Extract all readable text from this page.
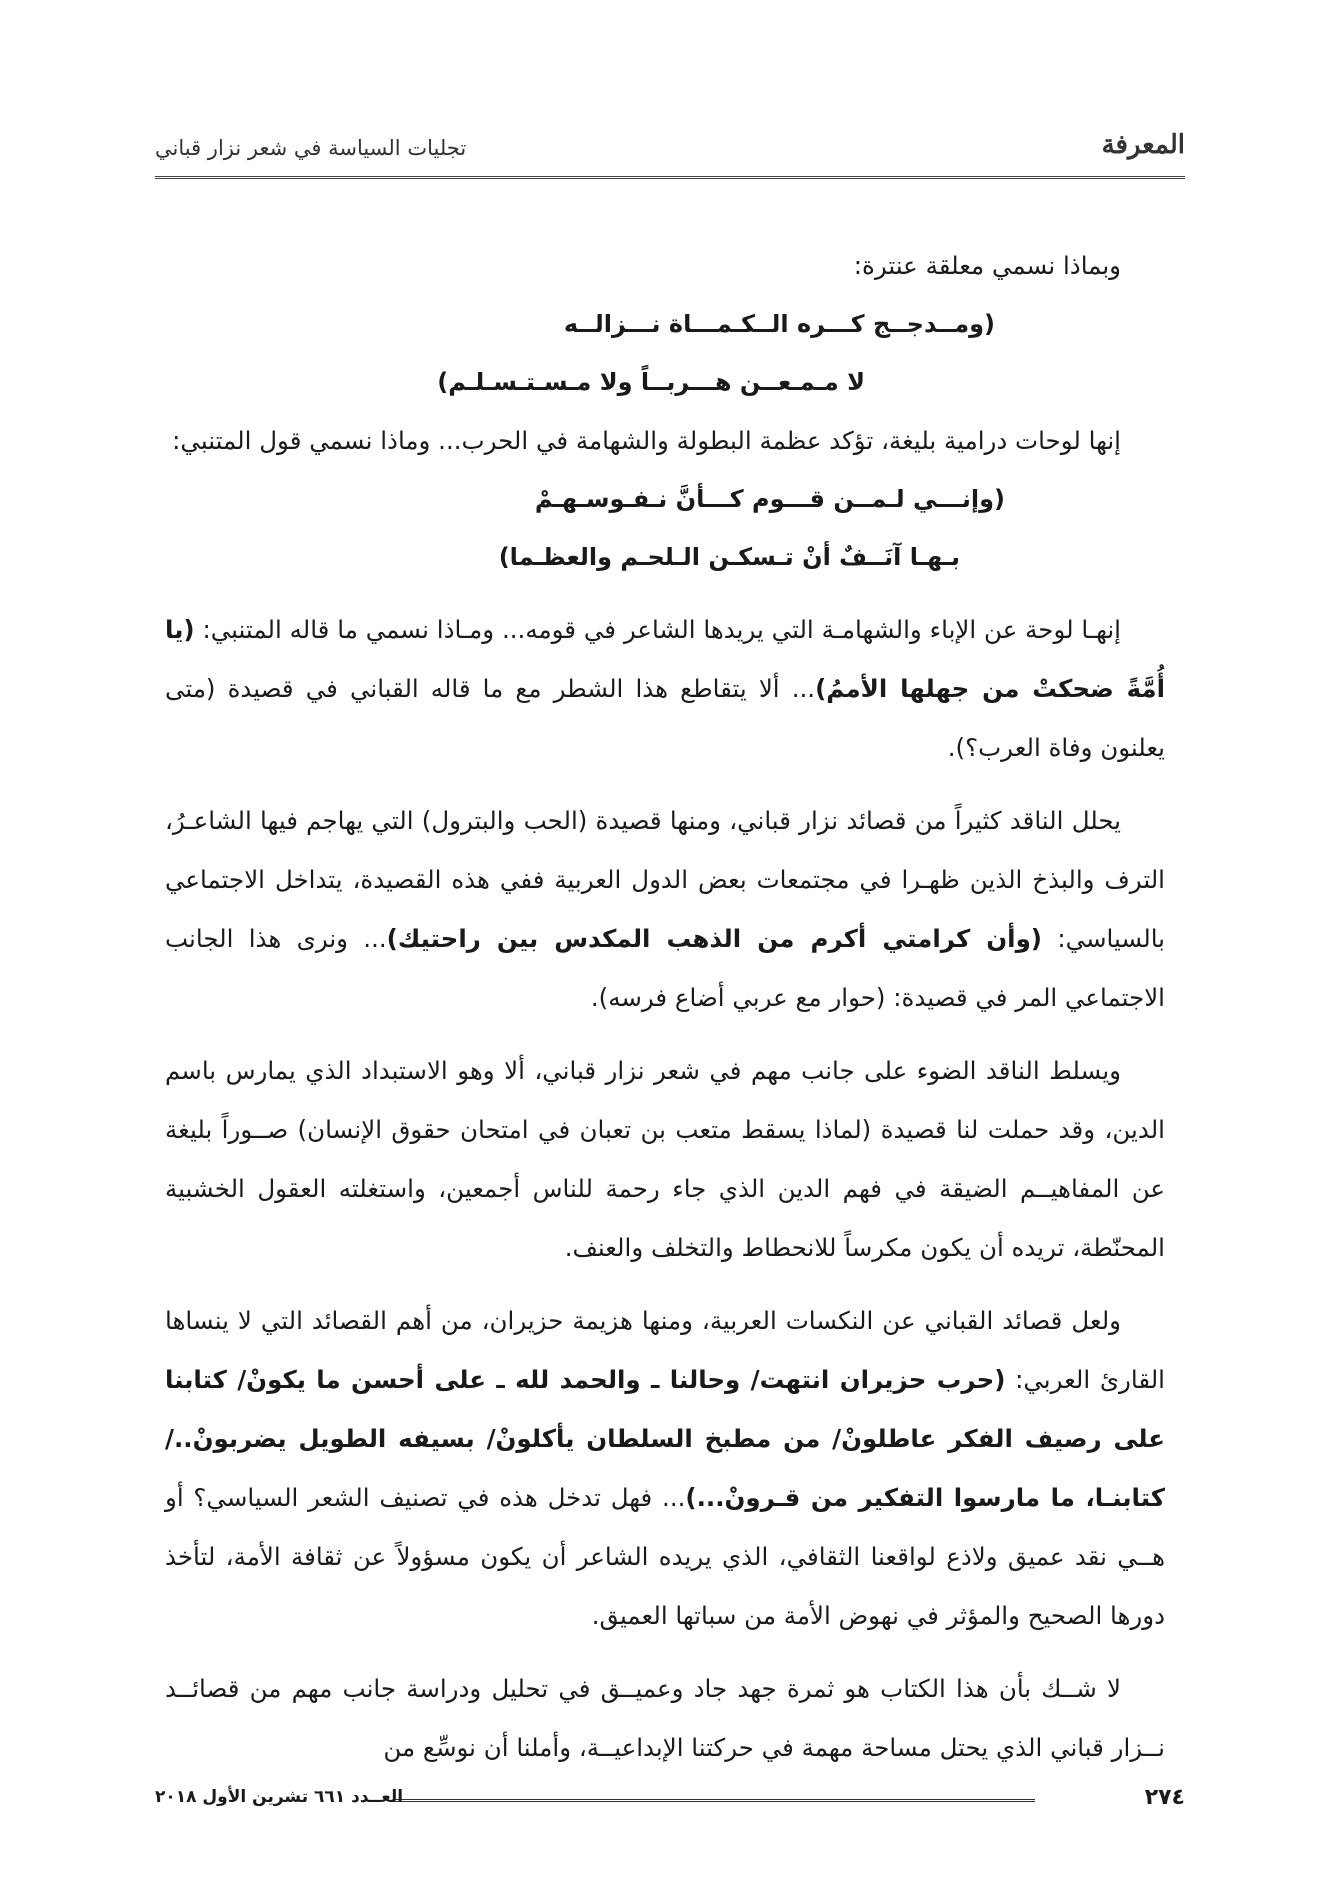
المعرفة
تجليات السياسة في شعر نزار قباني

وبماذا نسمي معلقة عنترة:

(ومــدجــج كـــره الــكـمـــاة نـــزالــه
لا مـمـعــن هـــربــاً ولا مـسـتـسـلـم)

إنها لوحات درامية بليغة، تؤكد عظمة البطولة والشهامة في الحرب... وماذا نسمي قول المتنبي:

(وإنـــي لـمــن قـــوم كـــأنَّ نـفـوسـهـمْ
بـهـا آنَــفٌ أنْ تـسكـن الـلحـم والعظـما)

إنهـا لوحة عن الإباء والشهامـة التي يريدها الشاعر في قومه... ومـاذا نسمي ما قاله المتنبي: (يا أُمَّةً ضحكتْ من جهلها الأممُ)... ألا يتقاطع هذا الشطر مع ما قاله القباني في قصيدة (متى يعلنون وفاة العرب؟).

يحلل الناقد كثيراً من قصائد نزار قباني، ومنها قصيدة (الحب والبترول) التي يهاجم فيها الشاعـرُ، الترف والبذخ الذين ظهـرا في مجتمعات بعض الدول العربية ففي هذه القصيدة، يتداخل الاجتماعي بالسياسي: (وأن كرامتي أكرم من الذهب المكدس بين راحتيك)... ونرى هذا الجانب الاجتماعي المر في قصيدة: (حوار مع عربي أضاع فرسه).

ويسلط الناقد الضوء على جانب مهم في شعر نزار قباني، ألا وهو الاستبداد الذي يمارس باسم الدين، وقد حملت لنا قصيدة (لماذا يسقط متعب بن تعبان في امتحان حقوق الإنسان) صــوراً بليغة عن المفاهيــم الضيقة في فهم الدين الذي جاء رحمة للناس أجمعين، واستغلته العقول الخشبية المحنّطة، تريده أن يكون مكرساً للانحطاط والتخلف والعنف.

ولعل قصائد القباني عن النكسات العربية، ومنها هزيمة حزيران، من أهم القصائد التي لا ينساها القارئ العربي: (حرب حزيران انتهت/ وحالنا ـ والحمد لله ـ على أحسن ما يكونْ/ كتابنا على رصيف الفكر عاطلونْ/ من مطبخ السلطان يأكلونْ/ بسيفه الطويل يضربونْ../ كتابنـا، ما مارسوا التفكير من قـرونْ...)... فهل تدخل هذه في تصنيف الشعر السياسي؟ أو هــي نقد عميق ولاذع لواقعنا الثقافي، الذي يريده الشاعر أن يكون مسؤولاً عن ثقافة الأمة، لتأخذ دورها الصحيح والمؤثر في نهوض الأمة من سباتها العميق.

لا شــك بأن هذا الكتاب هو ثمرة جهد جاد وعميــق في تحليل ودراسة جانب مهم من قصائــد نــزار قباني الذي يحتل مساحة مهمة في حركتنا الإبداعيــة، وأملنا أن نوسِّع من

٢٧٤
العــدد ٦٦١ تشرين الأول ٢٠١٨
